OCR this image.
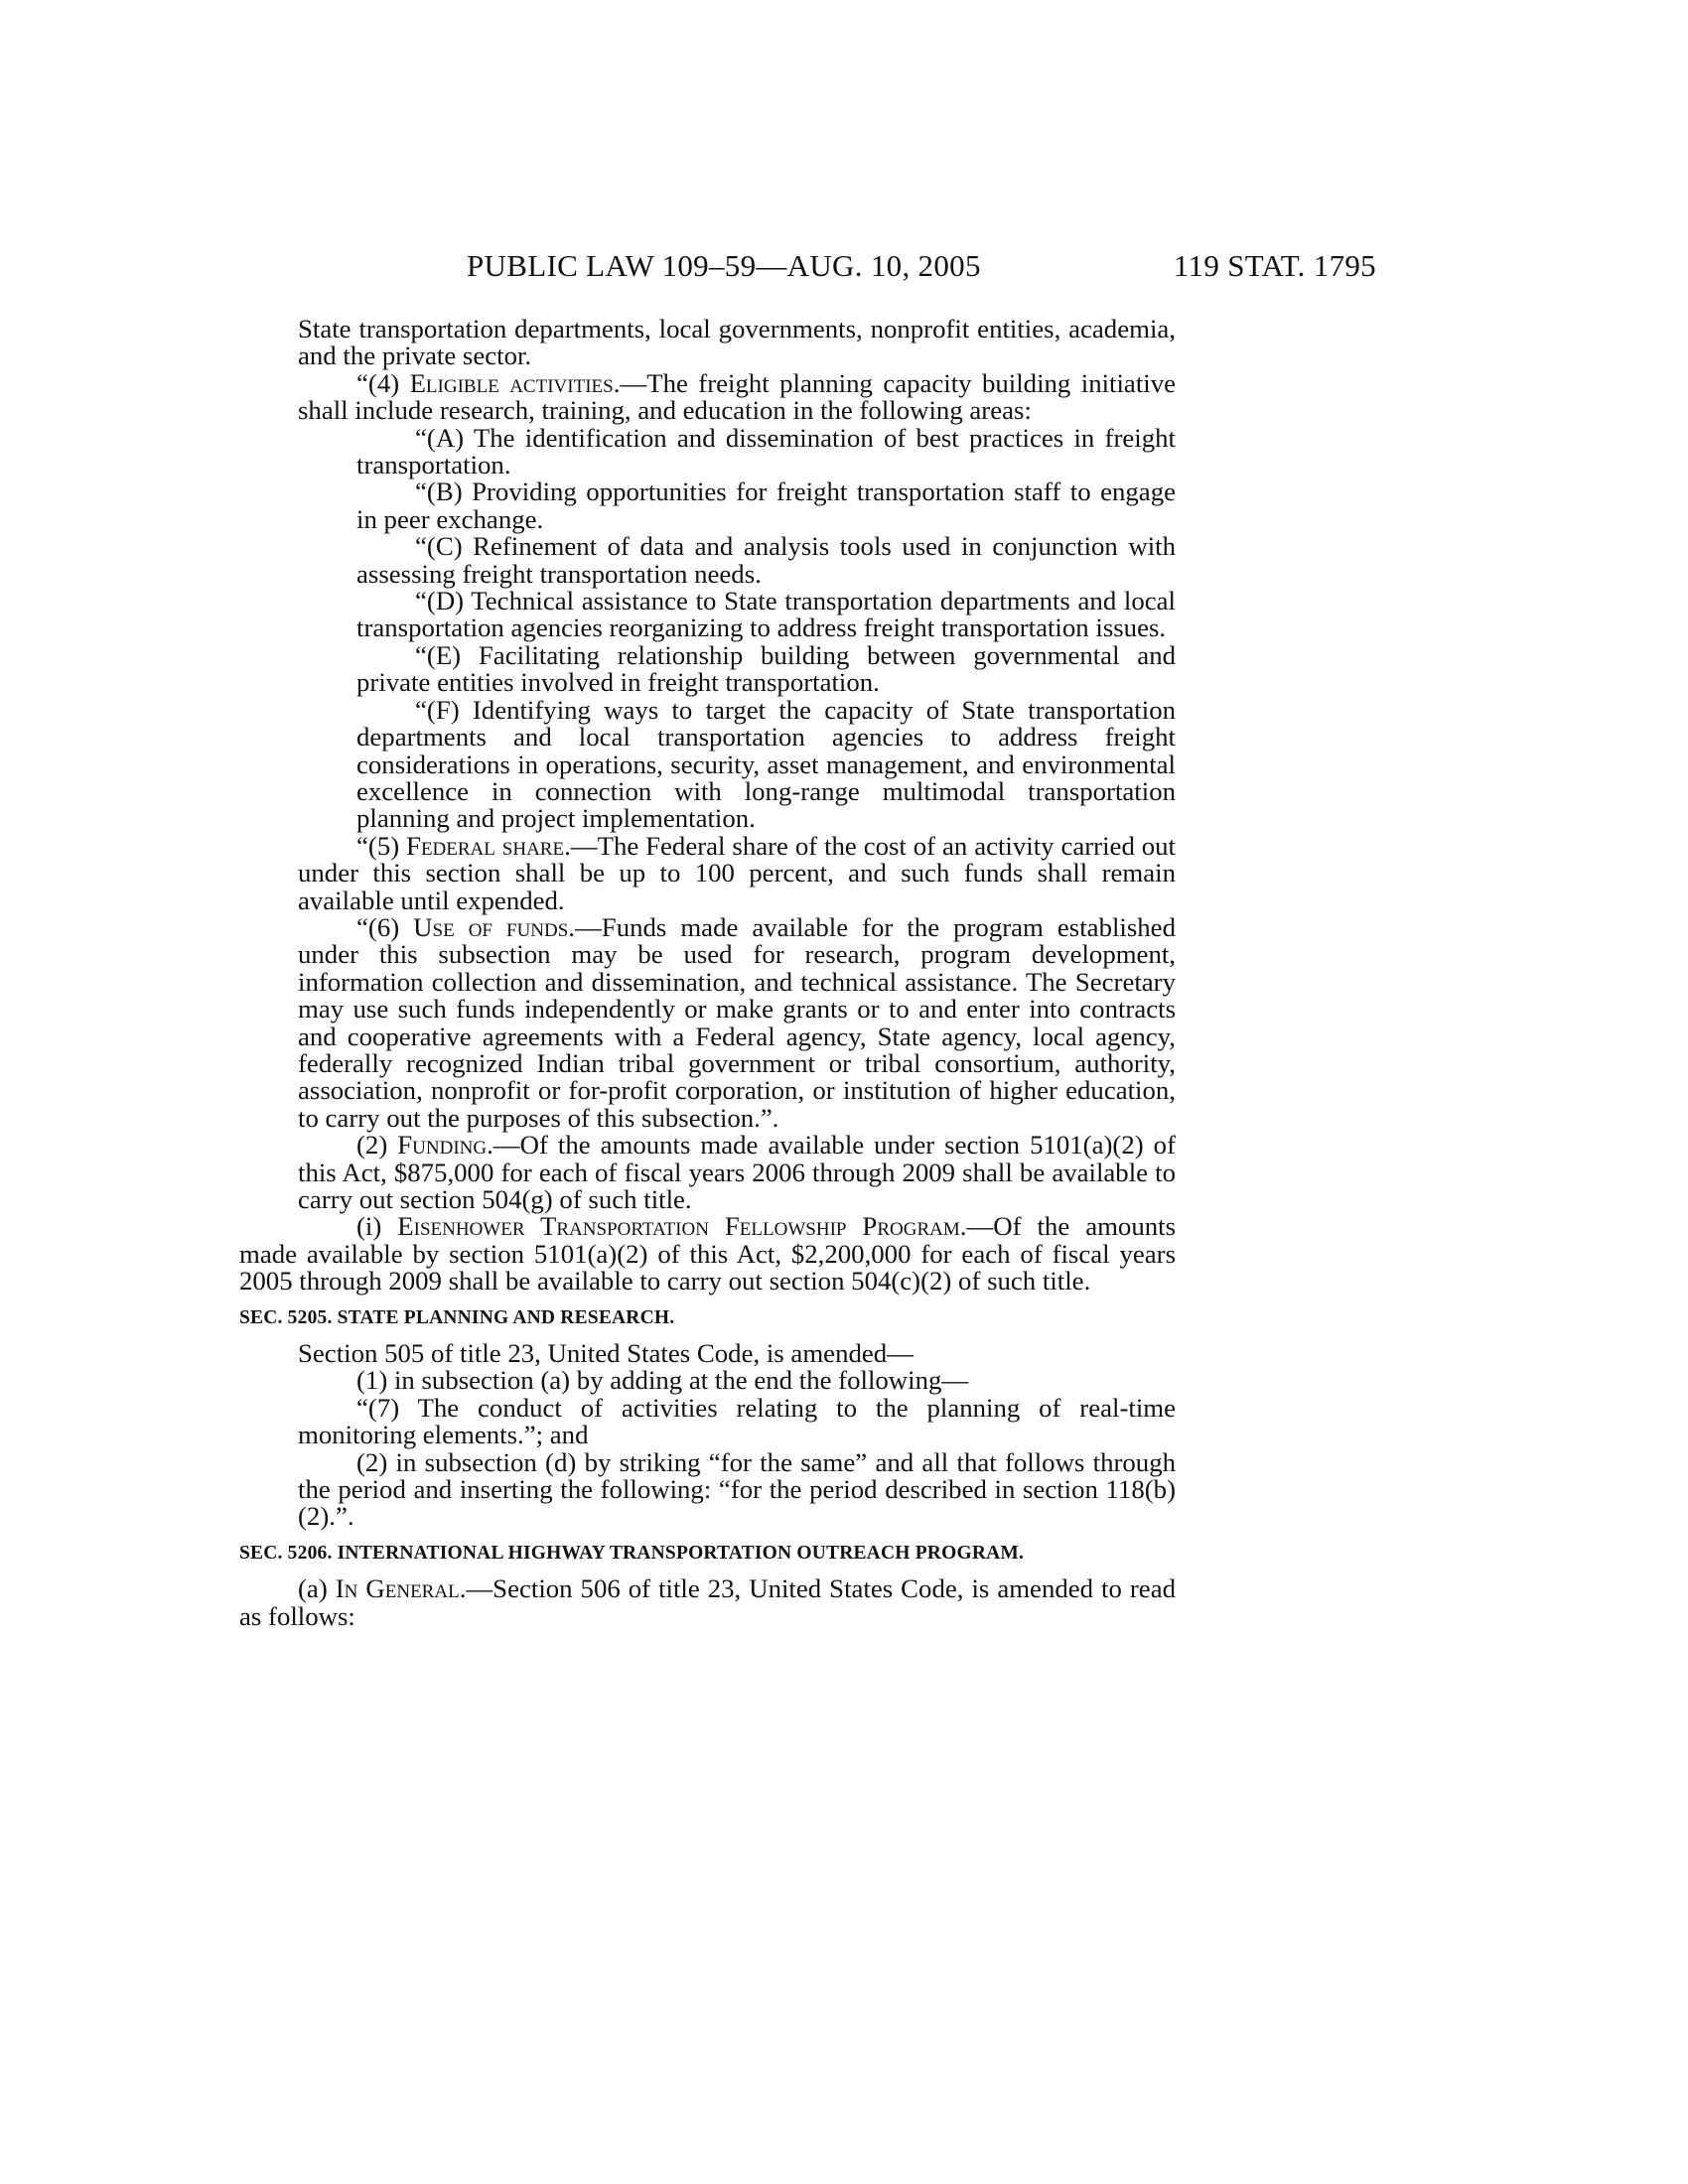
PUBLIC LAW 109–59—AUG. 10, 2005	119 STAT. 1795

State transportation departments, local governments, nonprofit entities, academia, and the private sector.

“(4) Eligible activities.—The freight planning capacity building initiative shall include research, training, and education in the following areas:

“(A) The identification and dissemination of best practices in freight transportation.

“(B) Providing opportunities for freight transportation staff to engage in peer exchange.

“(C) Refinement of data and analysis tools used in conjunction with assessing freight transportation needs.

“(D) Technical assistance to State transportation departments and local transportation agencies reorganizing to address freight transportation issues.

“(E) Facilitating relationship building between governmental and private entities involved in freight transportation.

“(F) Identifying ways to target the capacity of State transportation departments and local transportation agencies to address freight considerations in operations, security, asset management, and environmental excellence in connection with long-range multimodal transportation planning and project implementation.

“(5) Federal share.—The Federal share of the cost of an activity carried out under this section shall be up to 100 percent, and such funds shall remain available until expended.

“(6) Use of funds.—Funds made available for the program established under this subsection may be used for research, program development, information collection and dissemination, and technical assistance. The Secretary may use such funds independently or make grants or to and enter into contracts and cooperative agreements with a Federal agency, State agency, local agency, federally recognized Indian tribal government or tribal consortium, authority, association, nonprofit or for-profit corporation, or institution of higher education, to carry out the purposes of this subsection.”.

(2) Funding.—Of the amounts made available under section 5101(a)(2) of this Act, $875,000 for each of fiscal years 2006 through 2009 shall be available to carry out section 504(g) of such title.

(i) Eisenhower Transportation Fellowship Program.—Of the amounts made available by section 5101(a)(2) of this Act, $2,200,000 for each of fiscal years 2005 through 2009 shall be available to carry out section 504(c)(2) of such title.

SEC. 5205. STATE PLANNING AND RESEARCH.

Section 505 of title 23, United States Code, is amended—

(1) in subsection (a) by adding at the end the following—

“(7) The conduct of activities relating to the planning of real-time monitoring elements.”; and

(2) in subsection (d) by striking “for the same” and all that follows through the period and inserting the following: “for the period described in section 118(b)(2).”.

SEC. 5206. INTERNATIONAL HIGHWAY TRANSPORTATION OUTREACH PROGRAM.

(a) In General.—Section 506 of title 23, United States Code, is amended to read as follows:
